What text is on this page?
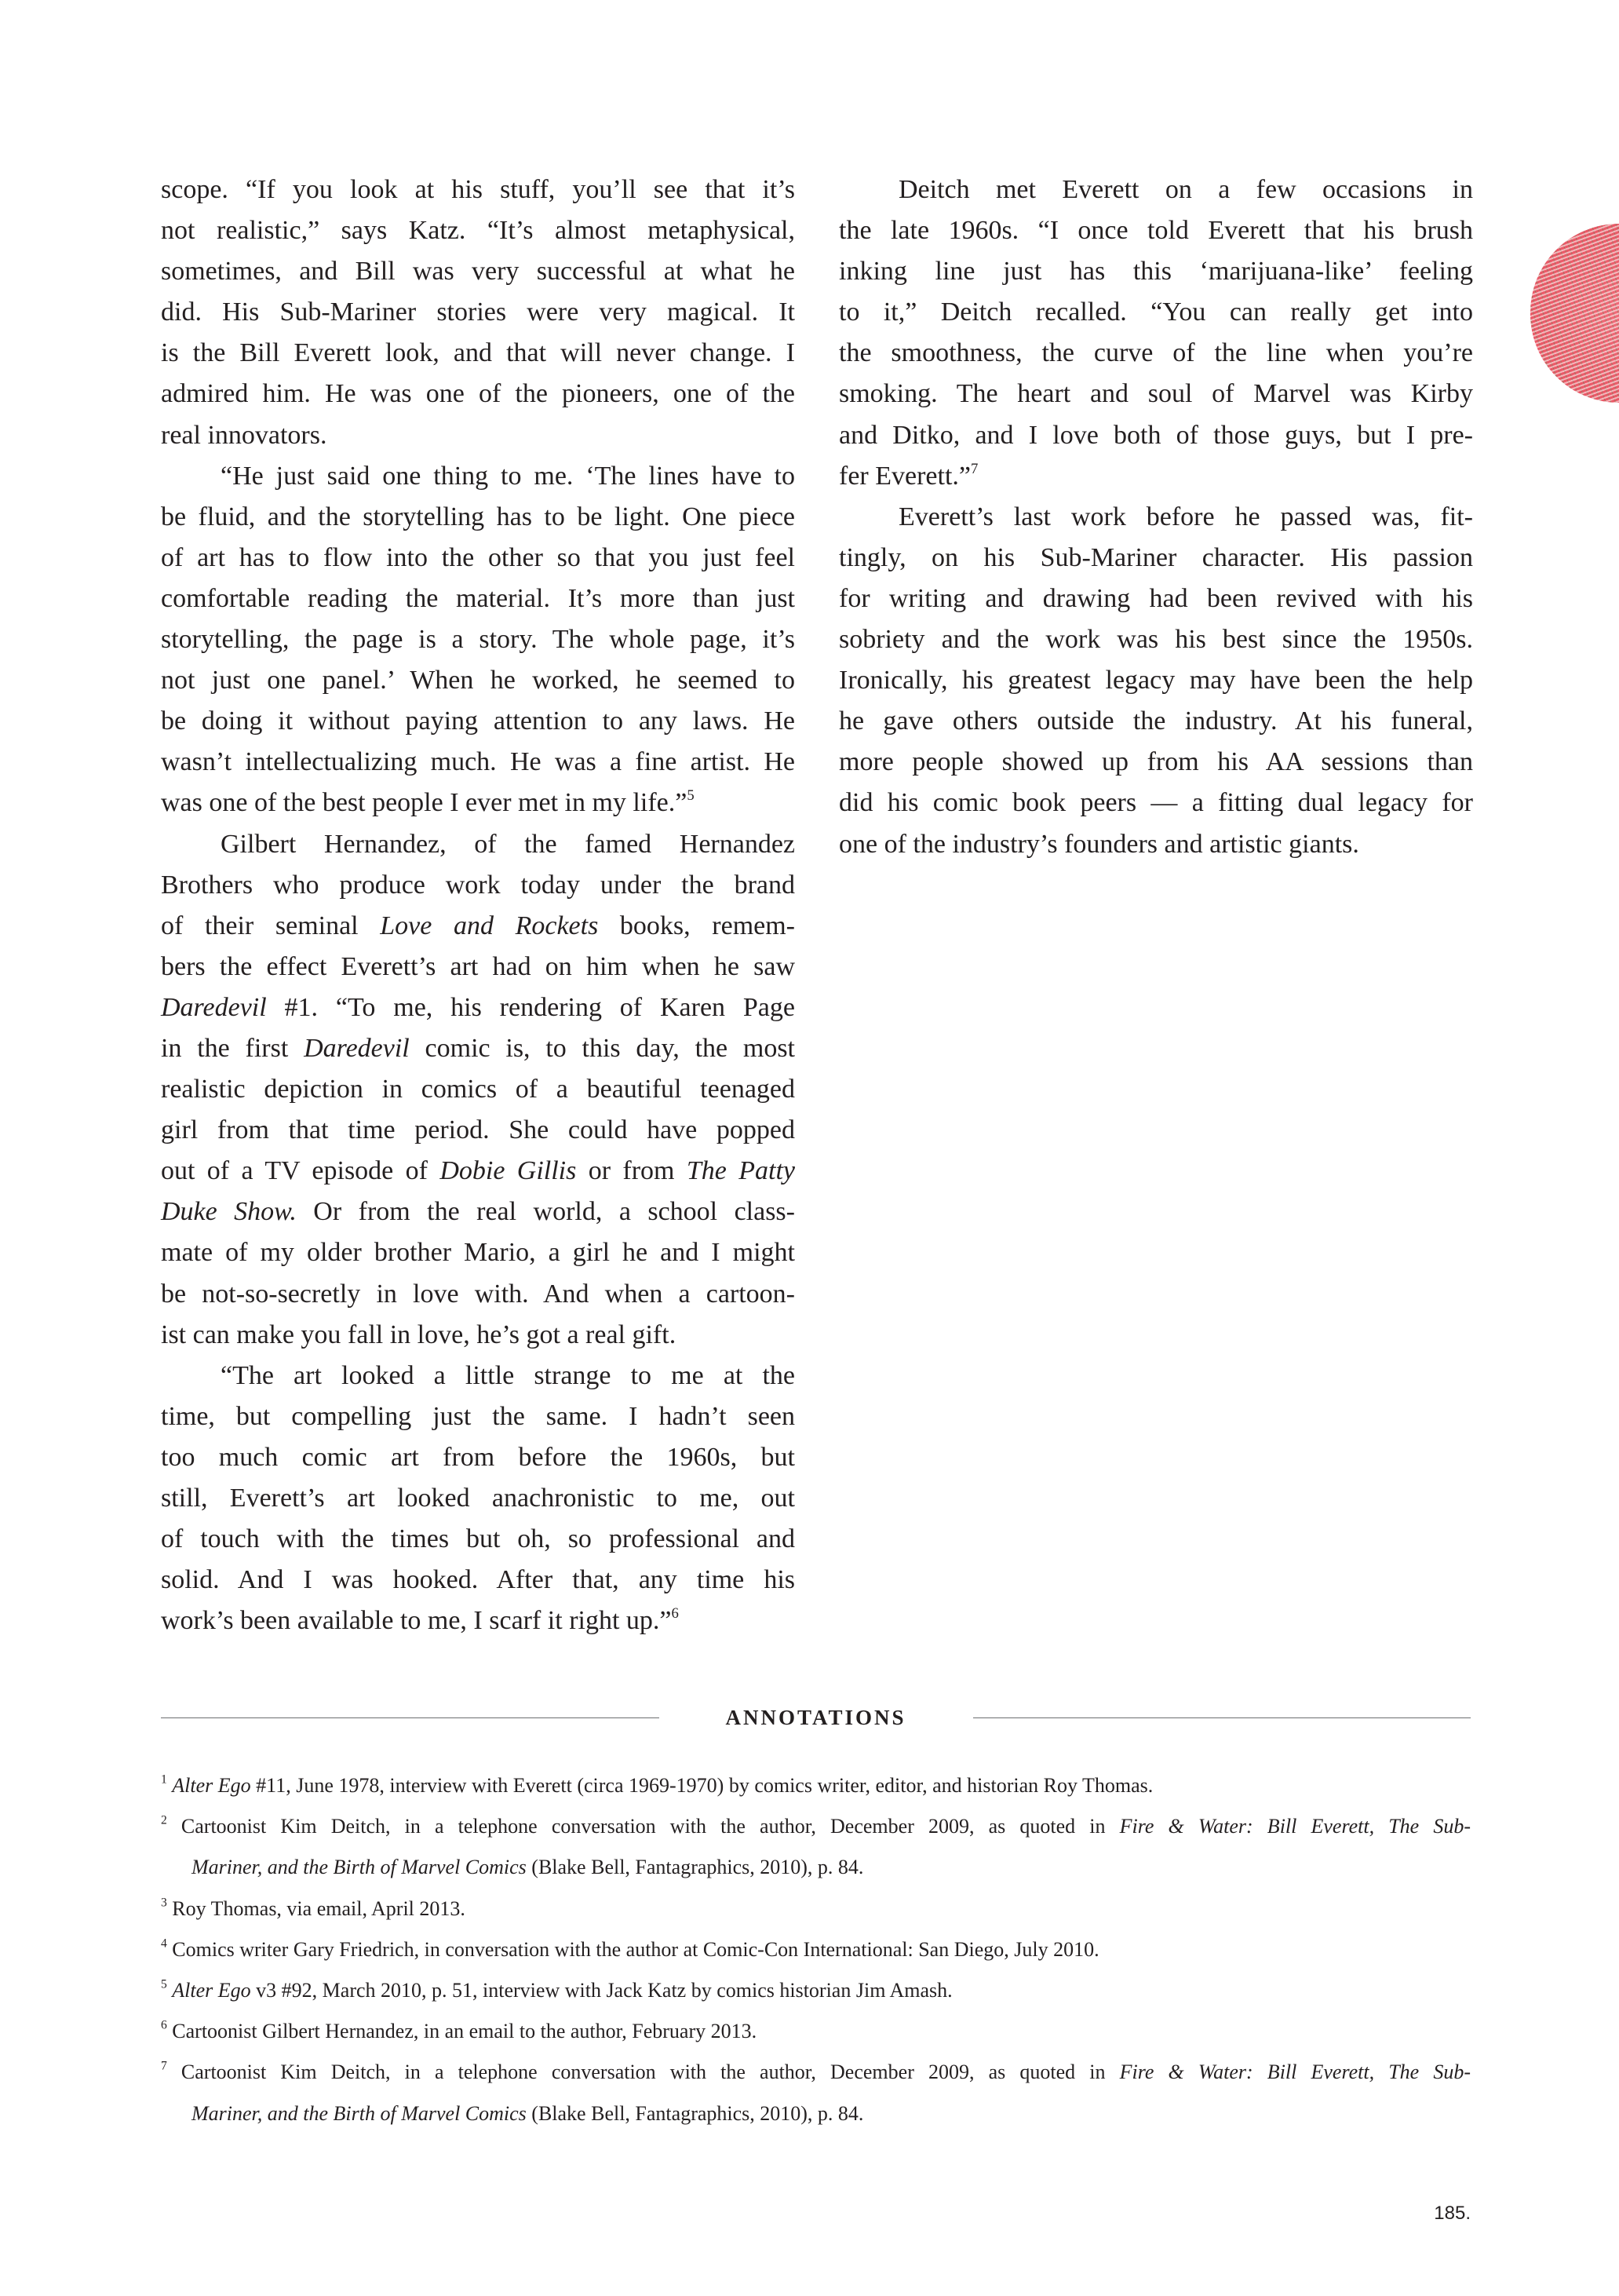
scope. “If you look at his stuff, you’ll see that it’s
not realistic,” says Katz. “It’s almost metaphysical,
sometimes, and Bill was very successful at what he
did. His Sub-Mariner stories were very magical. It
is the Bill Everett look, and that will never change. I
admired him. He was one of the pioneers, one of the
real innovators.
“He just said one thing to me. ‘The lines have to
be fluid, and the storytelling has to be light. One piece
of art has to flow into the other so that you just feel
comfortable reading the material. It’s more than just
storytelling, the page is a story. The whole page, it’s
not just one panel.’ When he worked, he seemed to
be doing it without paying attention to any laws. He
wasn’t intellectualizing much. He was a fine artist. He
was one of the best people I ever met in my life.”$^5$
Gilbert Hernandez, of the famed Hernandez
Brothers who produce work today under the brand
of their seminal Love and Rockets books, remem-
bers the effect Everett’s art had on him when he saw
Daredevil #1. “To me, his rendering of Karen Page
in the first Daredevil comic is, to this day, the most
realistic depiction in comics of a beautiful teenaged
girl from that time period. She could have popped
out of a TV episode of Dobie Gillis or from The Patty
Duke Show. Or from the real world, a school class-
mate of my older brother Mario, a girl he and I might
be not-so-secretly in love with. And when a cartoon-
ist can make you fall in love, he’s got a real gift.
“The art looked a little strange to me at the
time, but compelling just the same. I hadn’t seen
too much comic art from before the 1960s, but
still, Everett’s art looked anachronistic to me, out
of touch with the times but oh, so professional and
solid. And I was hooked. After that, any time his
work’s been available to me, I scarf it right up.”$^6$
Deitch met Everett on a few occasions in
the late 1960s. “I once told Everett that his brush
inking line just has this ‘marijuana-like’ feeling
to it,” Deitch recalled. “You can really get into
the smoothness, the curve of the line when you’re
smoking. The heart and soul of Marvel was Kirby
and Ditko, and I love both of those guys, but I pre-
fer Everett.”$^7$
Everett’s last work before he passed was, fit-
tingly, on his Sub-Mariner character. His passion
for writing and drawing had been revived with his
sobriety and the work was his best since the 1950s.
Ironically, his greatest legacy may have been the help
he gave others outside the industry. At his funeral,
more people showed up from his AA sessions than
did his comic book peers — a fitting dual legacy for
one of the industry’s founders and artistic giants.
ANNOTATIONS
$^1$ Alter Ego #11, June 1978, interview with Everett (circa 1969-1970) by comics writer, editor, and historian Roy Thomas.
$^2$ Cartoonist Kim Deitch, in a telephone conversation with the author, December 2009, as quoted in Fire & Water: Bill Everett, The Sub-
Mariner, and the Birth of Marvel Comics (Blake Bell, Fantagraphics, 2010), p. 84.
$^3$ Roy Thomas, via email, April 2013.
$^4$ Comics writer Gary Friedrich, in conversation with the author at Comic-Con International: San Diego, July 2010.
$^5$ Alter Ego v3 #92, March 2010, p. 51, interview with Jack Katz by comics historian Jim Amash.
$^6$ Cartoonist Gilbert Hernandez, in an email to the author, February 2013.
$^7$ Cartoonist Kim Deitch, in a telephone conversation with the author, December 2009, as quoted in Fire & Water: Bill Everett, The Sub-
Mariner, and the Birth of Marvel Comics (Blake Bell, Fantagraphics, 2010), p. 84.
185.
